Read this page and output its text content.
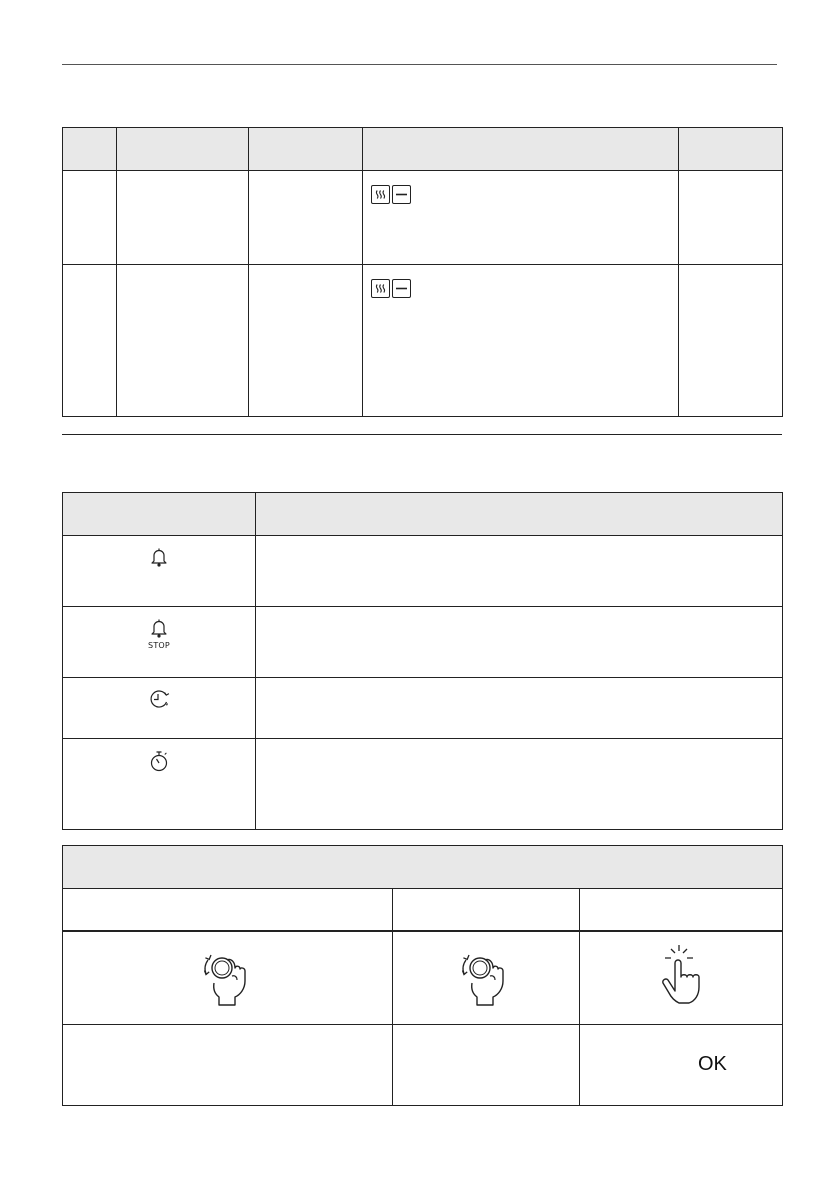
STOP	

		OK
